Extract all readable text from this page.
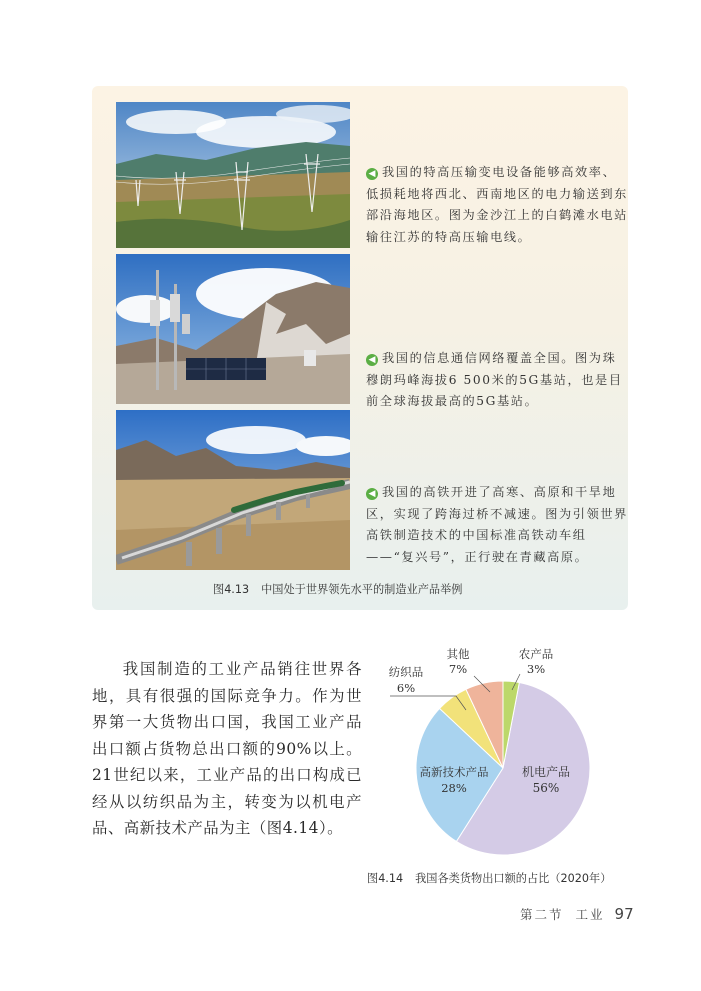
◀ 我国的特高压输变电设备能够高效率、低损耗地将西北、西南地区的电力输送到东部沿海地区。图为金沙江上的白鹤滩水电站输往江苏的特高压输电线。
◀ 我国的信息通信网络覆盖全国。图为珠穆朗玛峰海拔6 500米的5G基站，也是目前全球海拔最高的5G基站。
◀ 我国的高铁开进了高寒、高原和干旱地区，实现了跨海过桥不减速。图为引领世界高铁制造技术的中国标准高铁动车组——“复兴号”，正行驶在青藏高原。
图4.13 中国处于世界领先水平的制造业产品举例

我国制造的工业产品销往世界各地，具有很强的国际竞争力。作为世界第一大货物出口国，我国工业产品出口额占货物总出口额的90%以上。21世纪以来，工业产品的出口构成已经从以纺织品为主，转变为以机电产品、高新技术产品为主（图4.14）。

纺织品
6%
其他
7%
农产品
3%
机电产品
56%
高新技术产品
28%
图4.14 我国各类货物出口额的占比（2020年）
第二节 工业 97
